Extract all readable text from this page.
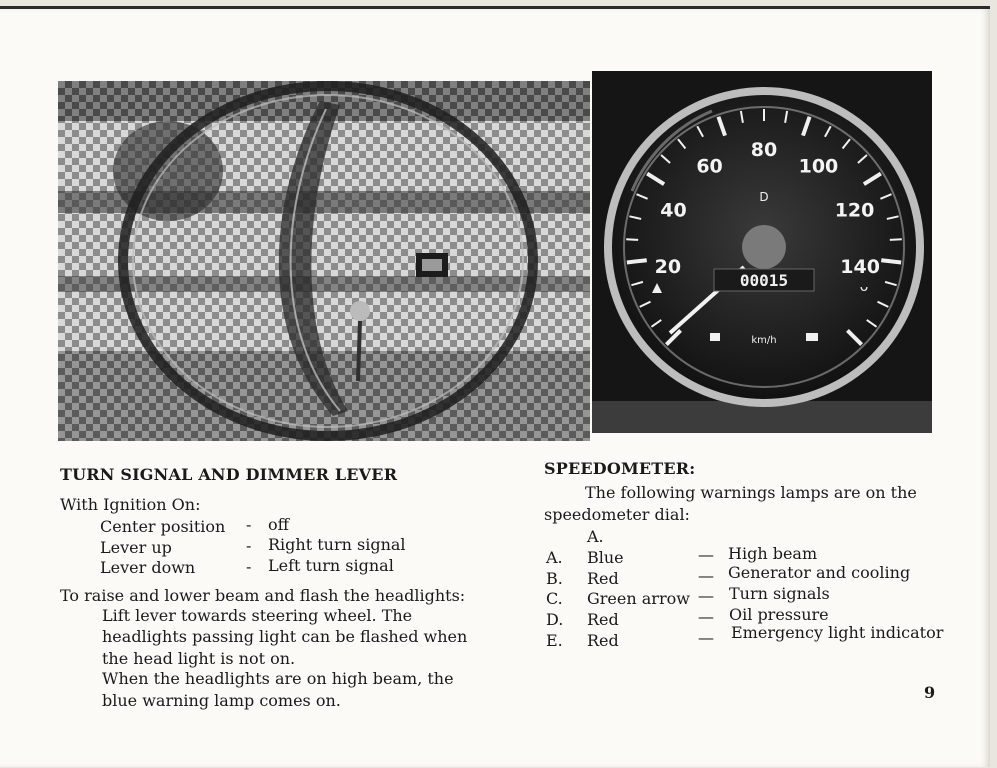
20
40
60
80
100
120
140
00015
D
ᴗ
km/h
TURN SIGNAL AND DIMMER LEVER
With Ignition On:
Center position - off
Lever up	- Right turn signal
Lever down	- Left turn signal
To raise and lower beam and flash the headlights:
Lift lever towards steering wheel. The
headlights passing light can be flashed when
the head light is not on.
When the headlights are on high beam, the
blue warning lamp comes on.
SPEEDOMETER:
The following warnings lamps are on the
speedometer dial:
A.
A. Blue	— High beam
B. Red	— Generator and cooling
C. Green arrow — Turn signals
D. Red	— Oil pressure
E. Red	— Emergency light indicator
9
